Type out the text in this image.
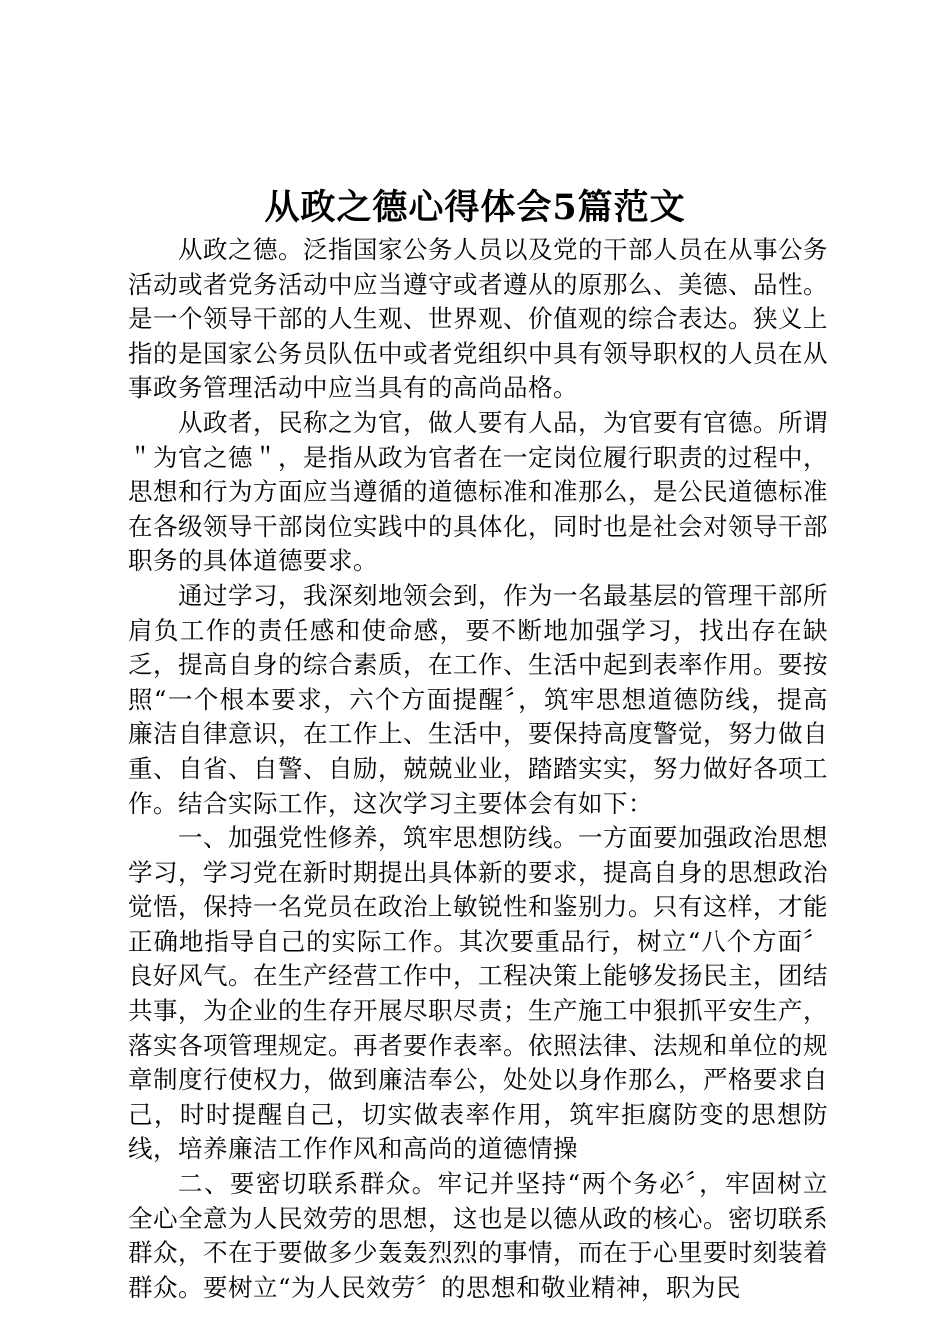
从政之德心得体会5篇范文

从政之德。泛指国家公务人员以及党的干部人员在从事公务活动或者党务活动中应当遵守或者遵从的原那么、美德、品性。是一个领导干部的人生观、世界观、价值观的综合表达。狭义上指的是国家公务员队伍中或者党组织中具有领导职权的人员在从事政务管理活动中应当具有的高尚品格。

从政者，民称之为官，做人要有人品，为官要有官德。所谓＂为官之德＂，是指从政为官者在一定岗位履行职责的过程中，思想和行为方面应当遵循的道德标准和准那么，是公民道德标准在各级领导干部岗位实践中的具体化，同时也是社会对领导干部职务的具体道德要求。

通过学习，我深刻地领会到，作为一名最基层的管理干部所肩负工作的责任感和使命感，要不断地加强学习，找出存在缺乏，提高自身的综合素质，在工作、生活中起到表率作用。要按照“一个根本要求，六个方面提醒〞，筑牢思想道德防线，提高廉洁自律意识，在工作上、生活中，要保持高度警觉，努力做自重、自省、自警、自励，兢兢业业，踏踏实实，努力做好各项工作。结合实际工作，这次学习主要体会有如下：

一、加强党性修养，筑牢思想防线。一方面要加强政治思想学习，学习党在新时期提出具体新的要求，提高自身的思想政治觉悟，保持一名党员在政治上敏锐性和鉴别力。只有这样，才能正确地指导自己的实际工作。其次要重品行，树立“八个方面〞良好风气。在生产经营工作中，工程决策上能够发扬民主，团结共事，为企业的生存开展尽职尽责；生产施工中狠抓平安生产，落实各项管理规定。再者要作表率。依照法律、法规和单位的规章制度行使权力，做到廉洁奉公，处处以身作那么，严格要求自己，时时提醒自己，切实做表率作用，筑牢拒腐防变的思想防线，培养廉洁工作作风和高尚的道德情操

二、要密切联系群众。牢记并坚持“两个务必〞，牢固树立全心全意为人民效劳的思想，这也是以德从政的核心。密切联系群众，不在于要做多少轰轰烈烈的事情，而在于心里要时刻装着群众。要树立“为人民效劳〞的思想和敬业精神，职为民
